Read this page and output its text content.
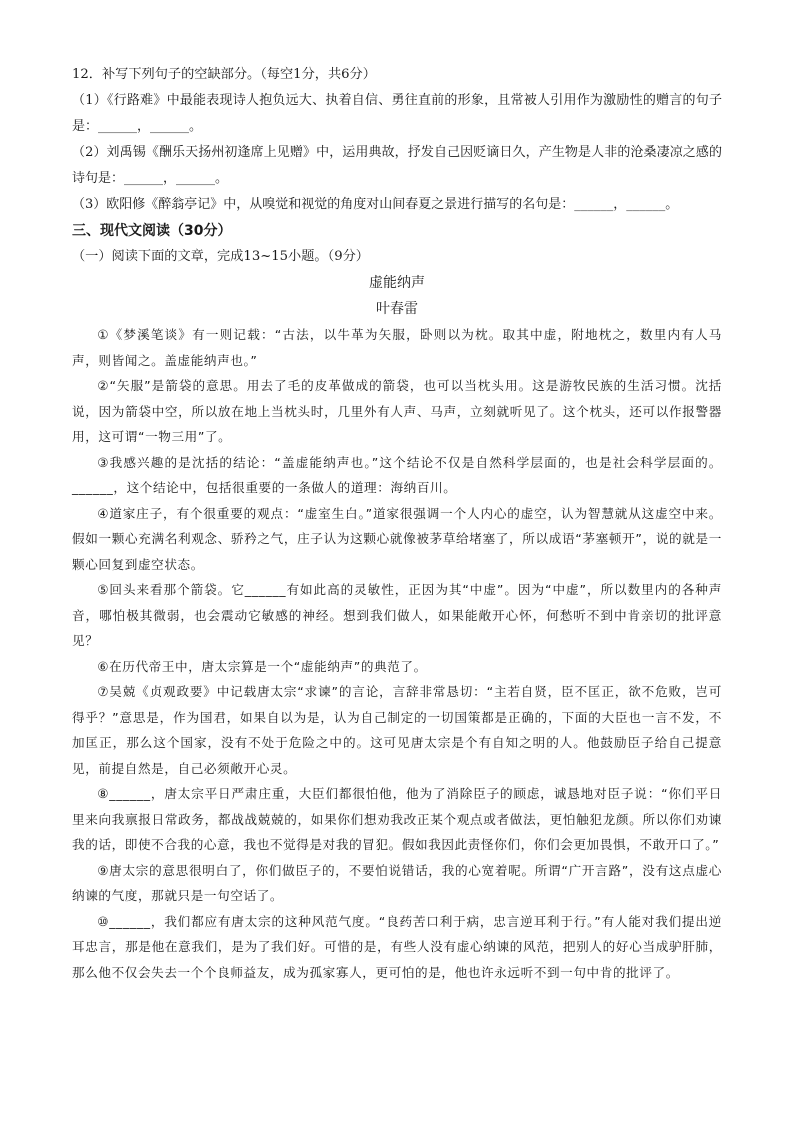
12．补写下列句子的空缺部分。（每空1分，共6分）

（1）《行路难》中最能表现诗人抱负远大、执着自信、勇往直前的形象，且常被人引用作为激励性的赠言的句子是：______，______。

（2）刘禹锡《酬乐天扬州初逢席上见赠》中，运用典故，抒发自己因贬谪日久，产生物是人非的沧桑凄凉之感的诗句是：______，______。

（3）欧阳修《醉翁亭记》中，从嗅觉和视觉的角度对山间春夏之景进行描写的名句是：______，______。

三、现代文阅读（30分）

（一）阅读下面的文章，完成13~15小题。（9分）

虚能纳声

叶春雷

①《梦溪笔谈》有一则记载：“古法，以牛革为矢服，卧则以为枕。取其中虚，附地枕之，数里内有人马声，则皆闻之。盖虚能纳声也。”

②“矢服”是箭袋的意思。用去了毛的皮革做成的箭袋，也可以当枕头用。这是游牧民族的生活习惯。沈括说，因为箭袋中空，所以放在地上当枕头时，几里外有人声、马声，立刻就听见了。这个枕头，还可以作报警器用，这可谓“一物三用”了。

③我感兴趣的是沈括的结论：“盖虚能纳声也。”这个结论不仅是自然科学层面的，也是社会科学层面的。______，这个结论中，包括很重要的一条做人的道理：海纳百川。

④道家庄子，有个很重要的观点：“虚室生白。”道家很强调一个人内心的虚空，认为智慧就从这虚空中来。假如一颗心充满名利观念、骄矜之气，庄子认为这颗心就像被茅草给堵塞了，所以成语“茅塞顿开”，说的就是一颗心回复到虚空状态。

⑤回头来看那个箭袋。它______有如此高的灵敏性，正因为其“中虚”。因为“中虚”，所以数里内的各种声音，哪怕极其微弱，也会震动它敏感的神经。想到我们做人，如果能敞开心怀，何愁听不到中肯亲切的批评意见？

⑥在历代帝王中，唐太宗算是一个“虚能纳声”的典范了。

⑦吴兢《贞观政要》中记载唐太宗“求谏”的言论，言辞非常恳切：“主若自贤，臣不匡正，欲不危败，岂可得乎？”意思是，作为国君，如果自以为是，认为自己制定的一切国策都是正确的，下面的大臣也一言不发，不加匡正，那么这个国家，没有不处于危险之中的。这可见唐太宗是个有自知之明的人。他鼓励臣子给自己提意见，前提自然是，自己必须敞开心灵。

⑧______，唐太宗平日严肃庄重，大臣们都很怕他，他为了消除臣子的顾虑，诚恳地对臣子说：“你们平日里来向我禀报日常政务，都战战兢兢的，如果你们想劝我改正某个观点或者做法，更怕触犯龙颜。所以你们劝谏我的话，即使不合我的心意，我也不觉得是对我的冒犯。假如我因此责怪你们，你们会更加畏惧，不敢开口了。”

⑨唐太宗的意思很明白了，你们做臣子的，不要怕说错话，我的心宽着呢。所谓“广开言路”，没有这点虚心纳谏的气度，那就只是一句空话了。

⑩______，我们都应有唐太宗的这种风范气度。“良药苦口利于病，忠言逆耳利于行。”有人能对我们提出逆耳忠言，那是他在意我们，是为了我们好。可惜的是，有些人没有虚心纳谏的风范，把别人的好心当成驴肝肺，那么他不仅会失去一个个良师益友，成为孤家寡人，更可怕的是，他也许永远听不到一句中肯的批评了。
